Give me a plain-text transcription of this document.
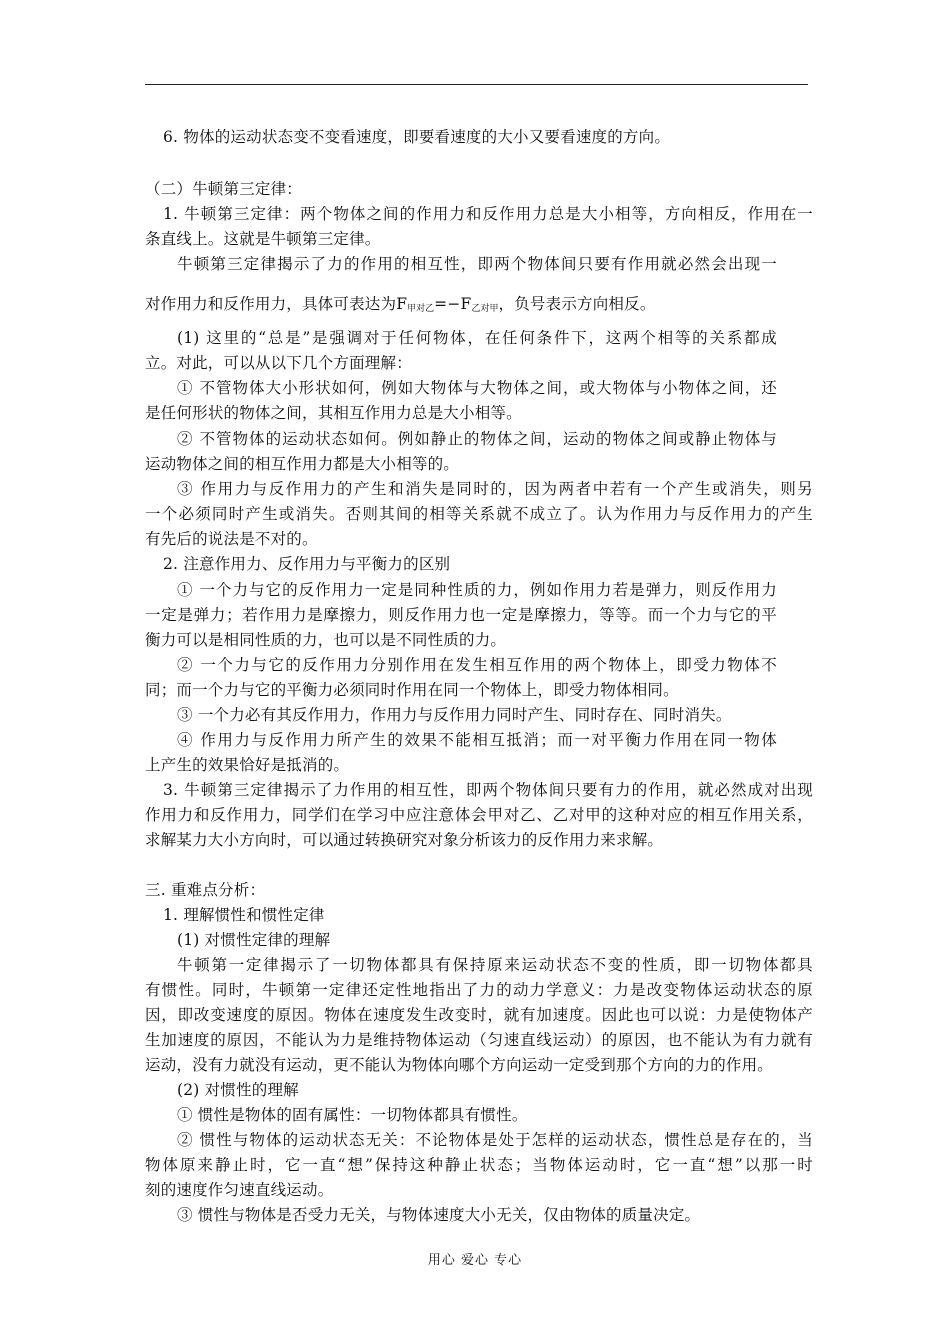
6. 物体的运动状态变不变看速度，即要看速度的大小又要看速度的方向。
（二）牛顿第三定律：
1. 牛顿第三定律：两个物体之间的作用力和反作用力总是大小相等，方向相反，作用在一
条直线上。这就是牛顿第三定律。
牛顿第三定律揭示了力的作用的相互性，即两个物体间只要有作用就必然会出现一
对作用力和反作用力，具体可表达为$F_{甲对乙}=-F_{乙对甲}$，负号表示方向相反。
(1) 这里的“总是”是强调对于任何物体，在任何条件下，这两个相等的关系都成
立。对此，可以从以下几个方面理解：
① 不管物体大小形状如何，例如大物体与大物体之间，或大物体与小物体之间，还
是任何形状的物体之间，其相互作用力总是大小相等。
② 不管物体的运动状态如何。例如静止的物体之间，运动的物体之间或静止物体与
运动物体之间的相互作用力都是大小相等的。
③ 作用力与反作用力的产生和消失是同时的，因为两者中若有一个产生或消失，则另
一个必须同时产生或消失。否则其间的相等关系就不成立了。认为作用力与反作用力的产生
有先后的说法是不对的。
2. 注意作用力、反作用力与平衡力的区别
① 一个力与它的反作用力一定是同种性质的力，例如作用力若是弹力，则反作用力
一定是弹力；若作用力是摩擦力，则反作用力也一定是摩擦力，等等。而一个力与它的平
衡力可以是相同性质的力，也可以是不同性质的力。
② 一个力与它的反作用力分别作用在发生相互作用的两个物体上，即受力物体不
同；而一个力与它的平衡力必须同时作用在同一个物体上，即受力物体相同。
③ 一个力必有其反作用力，作用力与反作用力同时产生、同时存在、同时消失。
④ 作用力与反作用力所产生的效果不能相互抵消；而一对平衡力作用在同一物体
上产生的效果恰好是抵消的。
3. 牛顿第三定律揭示了力作用的相互性，即两个物体间只要有力的作用，就必然成对出现
作用力和反作用力，同学们在学习中应注意体会甲对乙、乙对甲的这种对应的相互作用关系，
求解某力大小方向时，可以通过转换研究对象分析该力的反作用力来求解。
三. 重难点分析：
1. 理解惯性和惯性定律
(1) 对惯性定律的理解
牛顿第一定律揭示了一切物体都具有保持原来运动状态不变的性质，即一切物体都具
有惯性。同时，牛顿第一定律还定性地指出了力的动力学意义：力是改变物体运动状态的原
因，即改变速度的原因。物体在速度发生改变时，就有加速度。因此也可以说：力是使物体产
生加速度的原因，不能认为力是维持物体运动（匀速直线运动）的原因，也不能认为有力就有
运动，没有力就没有运动，更不能认为物体向哪个方向运动一定受到那个方向的力的作用。
(2) 对惯性的理解
① 惯性是物体的固有属性：一切物体都具有惯性。
② 惯性与物体的运动状态无关：不论物体是处于怎样的运动状态，惯性总是存在的，当
物体原来静止时，它一直“想”保持这种静止状态；当物体运动时，它一直“想”以那一时
刻的速度作匀速直线运动。
③ 惯性与物体是否受力无关，与物体速度大小无关，仅由物体的质量决定。
用心 爱心 专心
